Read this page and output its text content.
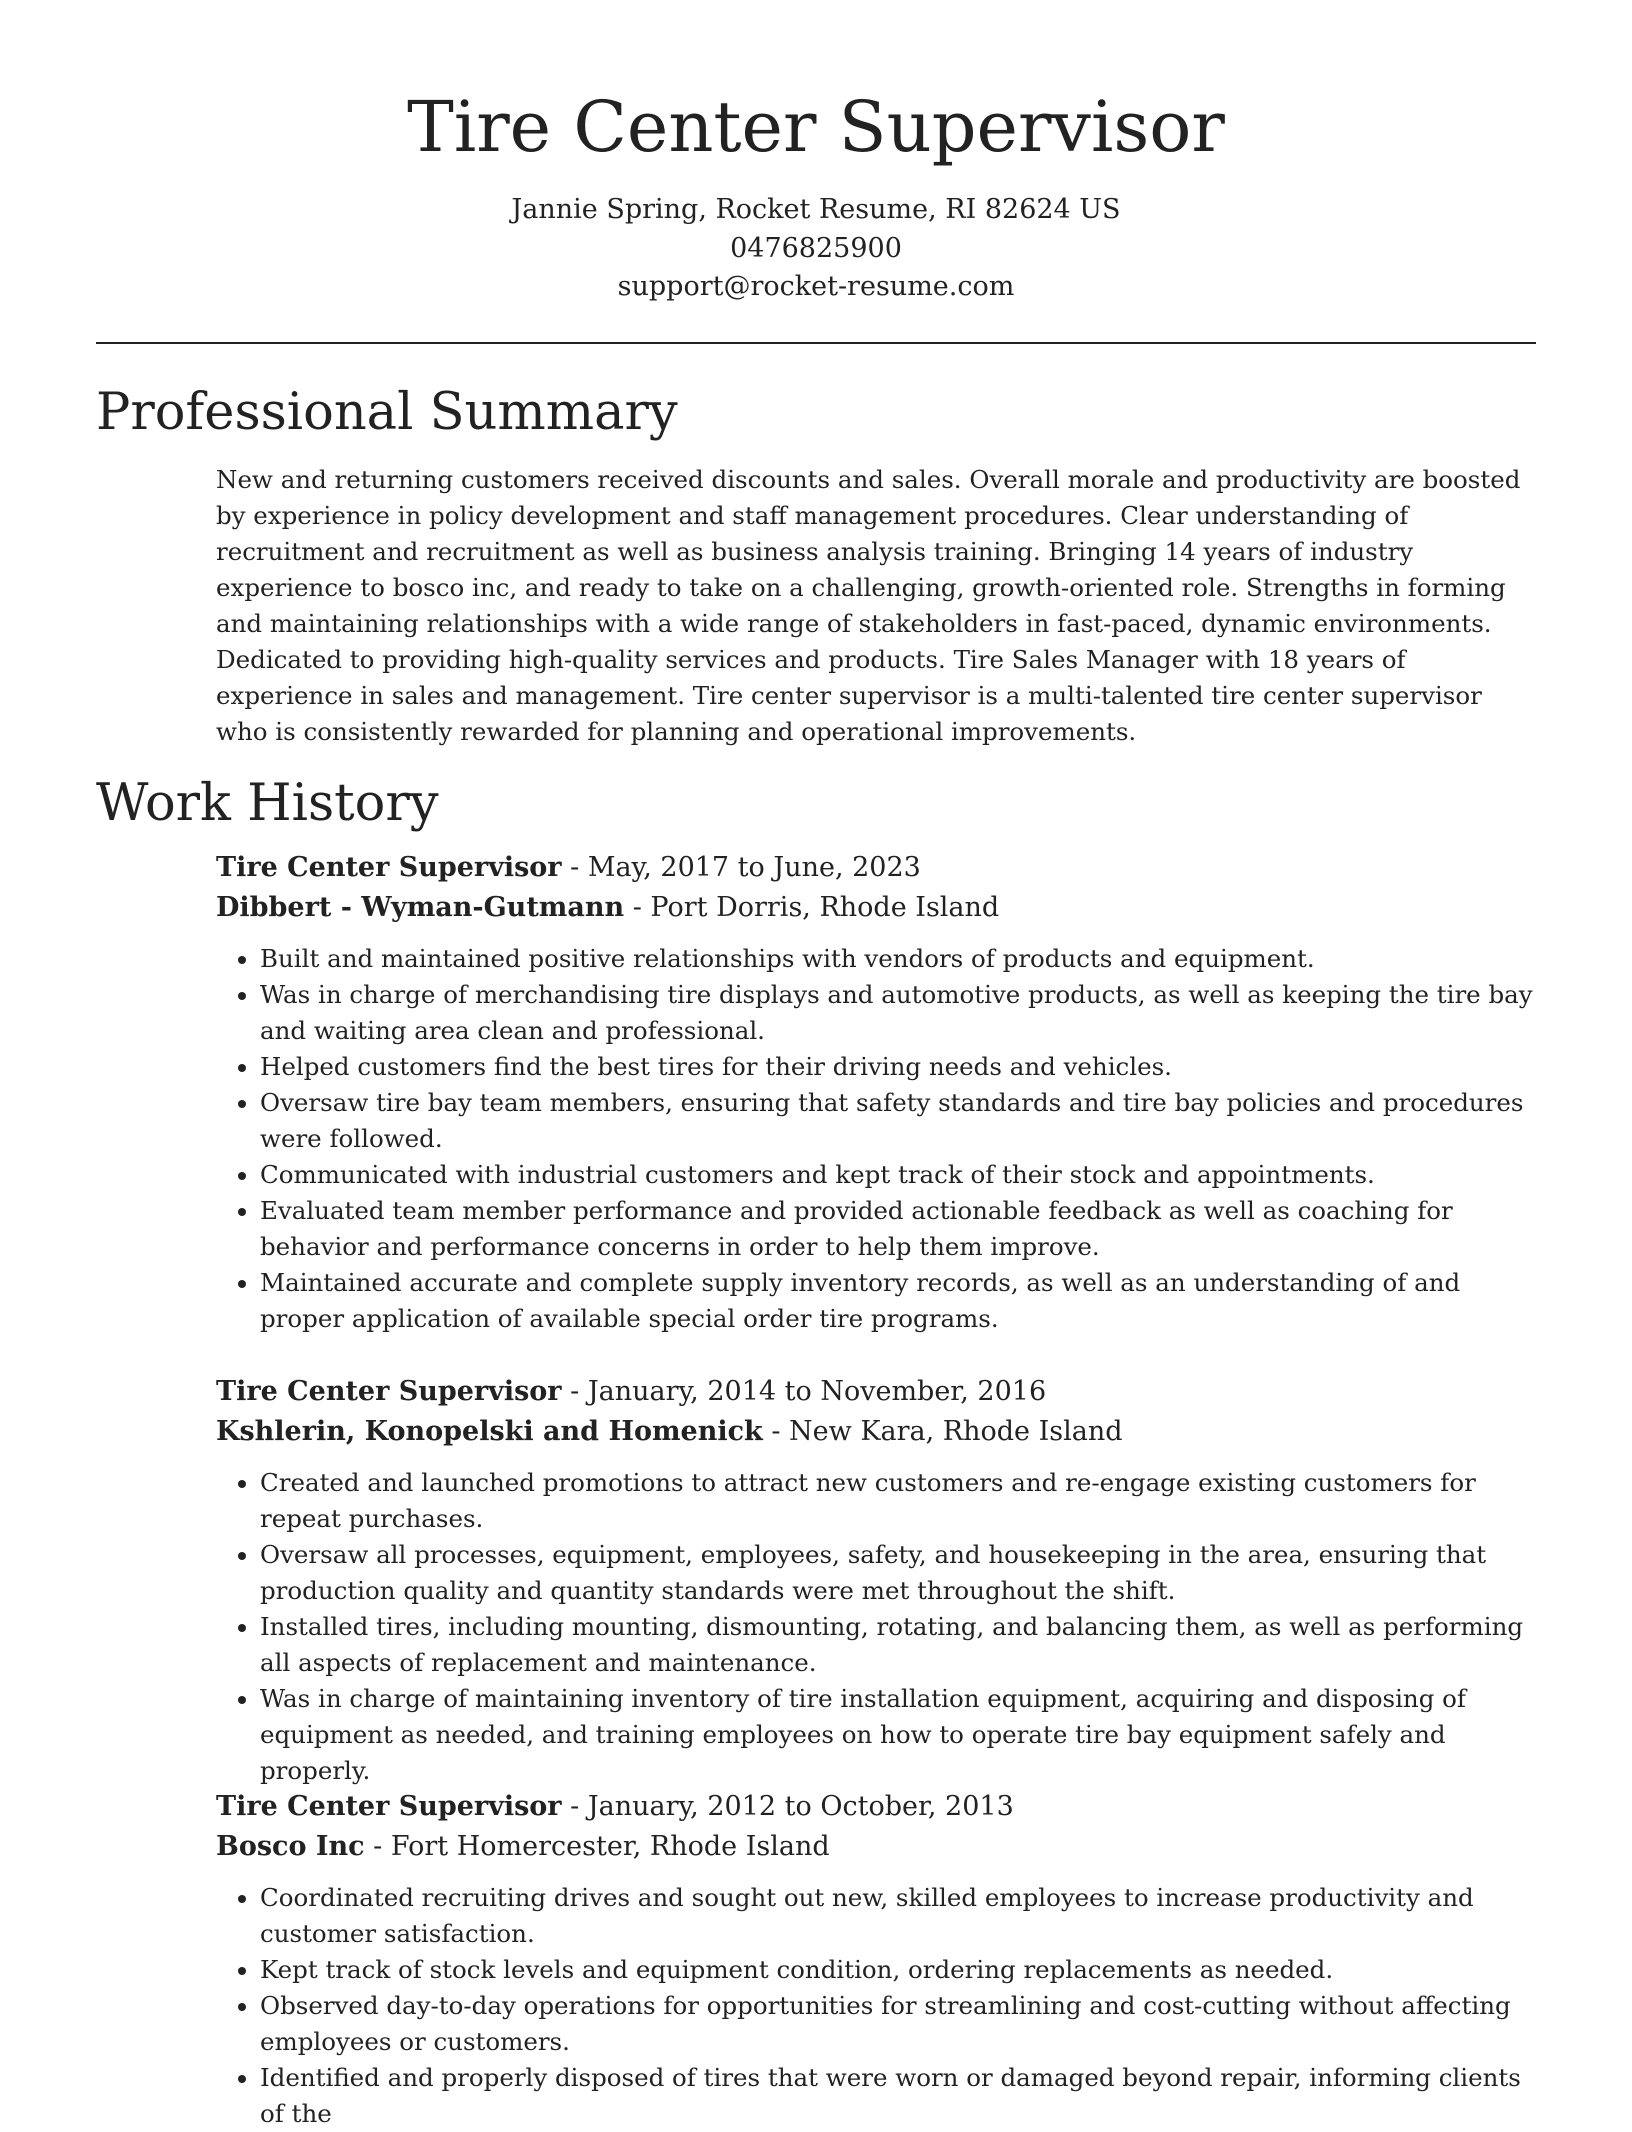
Tire Center Supervisor
Jannie Spring, Rocket Resume, RI 82624 US
0476825900
support@rocket-resume.com
Professional Summary

New and returning customers received discounts and sales. Overall morale and productivity are boosted by experience in policy development and staff management procedures. Clear understanding of recruitment and recruitment as well as business analysis training. Bringing 14 years of industry experience to bosco inc, and ready to take on a challenging, growth-oriented role. Strengths in forming and maintaining relationships with a wide range of stakeholders in fast-paced, dynamic environments. Dedicated to providing high-quality services and products. Tire Sales Manager with 18 years of experience in sales and management. Tire center supervisor is a multi-talented tire center supervisor who is consistently rewarded for planning and operational improvements.

Work History
Tire Center Supervisor - May, 2017 to June, 2023
Dibbert - Wyman-Gutmann - Port Dorris, Rhode Island
• Built and maintained positive relationships with vendors of products and equipment.
• Was in charge of merchandising tire displays and automotive products, as well as keeping the tire bay and waiting area clean and professional.
• Helped customers find the best tires for their driving needs and vehicles.
• Oversaw tire bay team members, ensuring that safety standards and tire bay policies and procedures were followed.
• Communicated with industrial customers and kept track of their stock and appointments.
• Evaluated team member performance and provided actionable feedback as well as coaching for behavior and performance concerns in order to help them improve.
• Maintained accurate and complete supply inventory records, as well as an understanding of and proper application of available special order tire programs.
Tire Center Supervisor - January, 2014 to November, 2016
Kshlerin, Konopelski and Homenick - New Kara, Rhode Island
• Created and launched promotions to attract new customers and re-engage existing customers for repeat purchases.
• Oversaw all processes, equipment, employees, safety, and housekeeping in the area, ensuring that production quality and quantity standards were met throughout the shift.
• Installed tires, including mounting, dismounting, rotating, and balancing them, as well as performing all aspects of replacement and maintenance.
• Was in charge of maintaining inventory of tire installation equipment, acquiring and disposing of equipment as needed, and training employees on how to operate tire bay equipment safely and properly.
Tire Center Supervisor - January, 2012 to October, 2013
Bosco Inc - Fort Homercester, Rhode Island
• Coordinated recruiting drives and sought out new, skilled employees to increase productivity and customer satisfaction.
• Kept track of stock levels and equipment condition, ordering replacements as needed.
• Observed day-to-day operations for opportunities for streamlining and cost-cutting without affecting employees or customers.
• Identified and properly disposed of tires that were worn or damaged beyond repair, informing clients of the
